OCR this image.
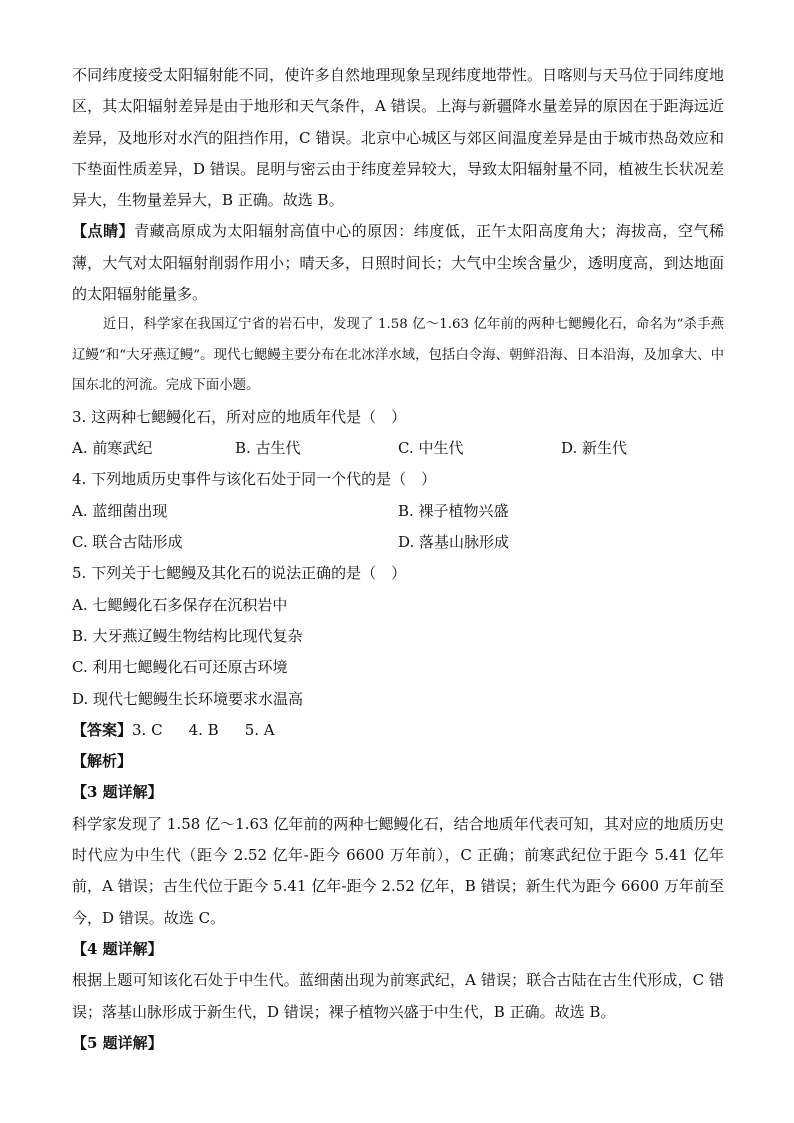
不同纬度接受太阳辐射能不同，使许多自然地理现象呈现纬度地带性。日喀则与天马位于同纬度地区，其太阳辐射差异是由于地形和天气条件，A 错误。上海与新疆降水量差异的原因在于距海远近差异，及地形对水汽的阻挡作用，C 错误。北京中心城区与郊区间温度差异是由于城市热岛效应和下垫面性质差异，D 错误。昆明与密云由于纬度差异较大，导致太阳辐射量不同，植被生长状况差异大，生物量差异大，B 正确。故选 B。

【点睛】青藏高原成为太阳辐射高值中心的原因：纬度低，正午太阳高度角大；海拔高，空气稀薄，大气对太阳辐射削弱作用小；晴天多，日照时间长；大气中尘埃含量少，透明度高，到达地面的太阳辐射能量多。

近日，科学家在我国辽宁省的岩石中，发现了 1.58 亿～1.63 亿年前的两种七鳃鳗化石，命名为“杀手燕辽鳗”和“大牙燕辽鳗”。现代七鳃鳗主要分布在北冰洋水域，包括白令海、朝鲜沿海、日本沿海，及加拿大、中国东北的河流。完成下面小题。

3. 这两种七鳃鳗化石，所对应的地质年代是（　）

A. 前寒武纪	B. 古生代	C. 中生代	D. 新生代

4. 下列地质历史事件与该化石处于同一个代的是（　）

A. 蓝细菌出现	B. 裸子植物兴盛
C. 联合古陆形成	D. 落基山脉形成

5. 下列关于七鳃鳗及其化石的说法正确的是（　）

A. 七鳃鳗化石多保存在沉积岩中

B. 大牙燕辽鳗生物结构比现代复杂

C. 利用七鳃鳗化石可还原古环境

D. 现代七鳃鳗生长环境要求水温高

【答案】3. C 4. B 5. A

【解析】

【3 题详解】

科学家发现了 1.58 亿～1.63 亿年前的两种七鳃鳗化石，结合地质年代表可知，其对应的地质历史时代应为中生代（距今 2.52 亿年-距今 6600 万年前），C 正确；前寒武纪位于距今 5.41 亿年前，A 错误；古生代位于距今 5.41 亿年-距今 2.52 亿年，B 错误；新生代为距今 6600 万年前至今，D 错误。故选 C。

【4 题详解】

根据上题可知该化石处于中生代。蓝细菌出现为前寒武纪，A 错误；联合古陆在古生代形成，C 错误；落基山脉形成于新生代，D 错误；裸子植物兴盛于中生代，B 正确。故选 B。

【5 题详解】
